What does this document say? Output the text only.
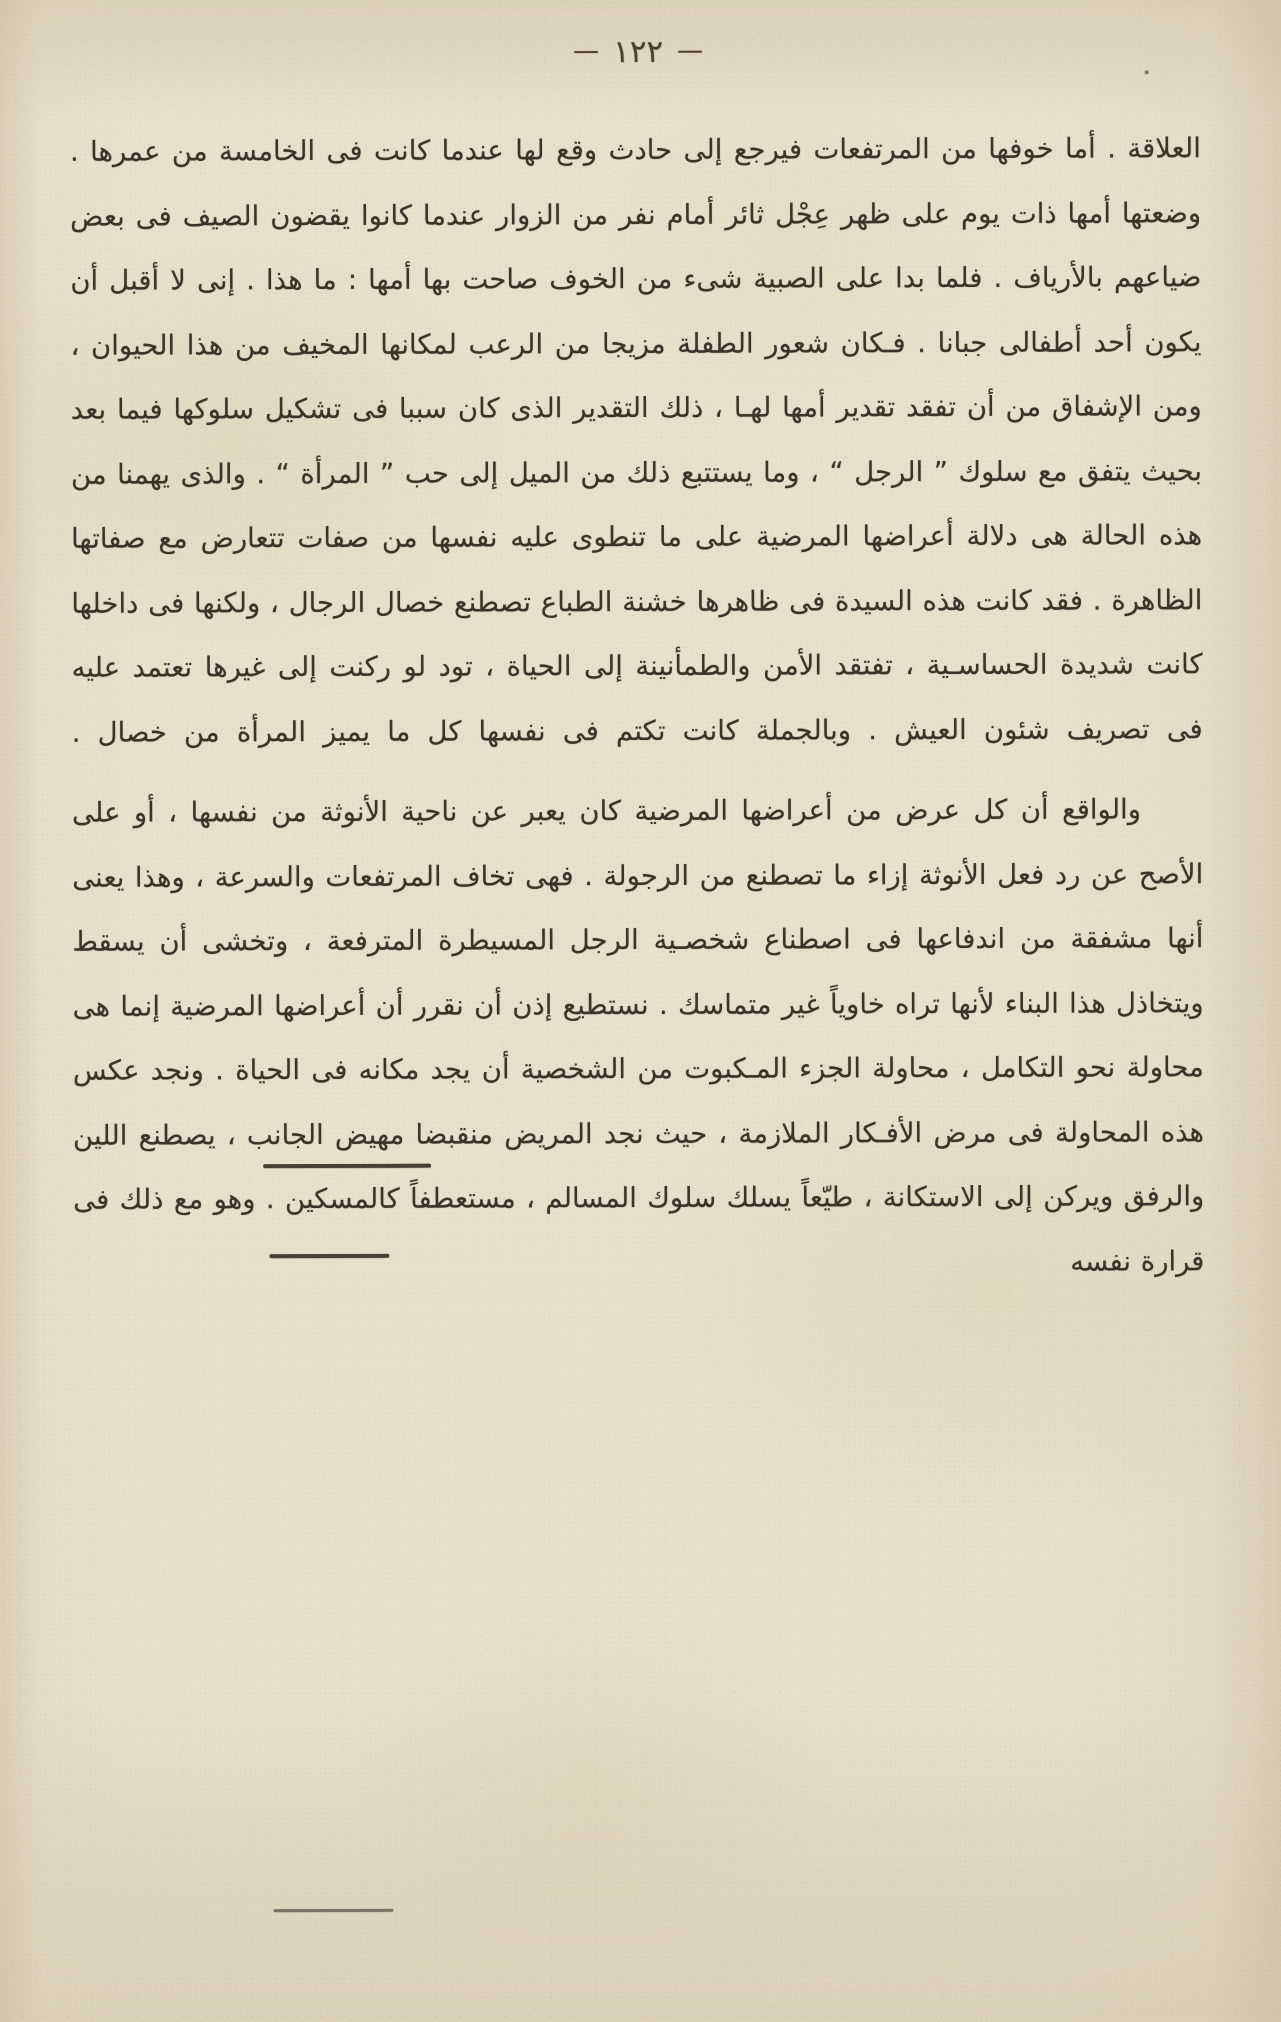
—١٢٢—

العلاقة . أما خوفها من المرتفعات فيرجع إلى حادث وقع لها عندما كانت فى الخامسة من عمرها . وضعتها أمها ذات يوم على ظهر عِجْل ثائر أمام نفر من الزوار عندما كانوا يقضون الصيف فى بعض ضياعهم بالأرياف . فلما بدا على الصبية شىء من الخوف صاحت بها أمها : ما هذا . إنى لا أقبل أن يكون أحد أطفالى جبانا . فـكان شعور الطفلة مزيجا من الرعب لمكانها المخيف من هذا الحيوان ، ومن الإشفاق من أن تفقد تقدير أمها لهـا ، ذلك التقدير الذى كان سببا فى تشكيل سلوكها فيما بعد بحيث يتفق مع سلوك ” الرجل “ ، وما يستتبع ذلك من الميل إلى حب ” المرأة “ . والذى يهمنا من هذه الحالة هى دلالة أعراضها المرضية على ما تنطوى عليه نفسها من صفات تتعارض مع صفاتها الظاهرة . فقد كانت هذه السيدة فى ظاهرها خشنة الطباع تصطنع خصال الرجال ، ولكنها فى داخلها كانت شديدة الحساسـية ، تفتقد الأمن والطمأنينة إلى الحياة ، تود لو ركنت إلى غيرها تعتمد عليه فى تصريف شئون العيش . وبالجملة كانت تكتم فى نفسها كل ما يميز المرأة من خصال .

والواقع أن كل عرض من أعراضها المرضية كان يعبر عن ناحية الأنوثة من نفسها ، أو على الأصح عن رد فعل الأنوثة إزاء ما تصطنع من الرجولة . فهى تخاف المرتفعات والسرعة ، وهذا يعنى أنها مشفقة من اندفاعها فى اصطناع شخصـية الرجل المسيطرة المترفعة ، وتخشى أن يسقط ويتخاذل هذا البناء لأنها تراه خاوياً غير متماسك . نستطيع إذن أن نقرر أن أعراضها المرضية إنما هى محاولة نحو التكامل ، محاولة الجزء المـكبوت من الشخصية أن يجد مكانه فى الحياة . ونجد عكس هذه المحاولة فى مرض الأفـكار الملازمة ، حيث نجد المريض منقبضا مهيض الجانب ، يصطنع اللين والرفق ويركن إلى الاستكانة ، طيّعاً يسلك سلوك المسالم ، مستعطفاً كالمسكين . وهو مع ذلك فى قرارة نفسه
